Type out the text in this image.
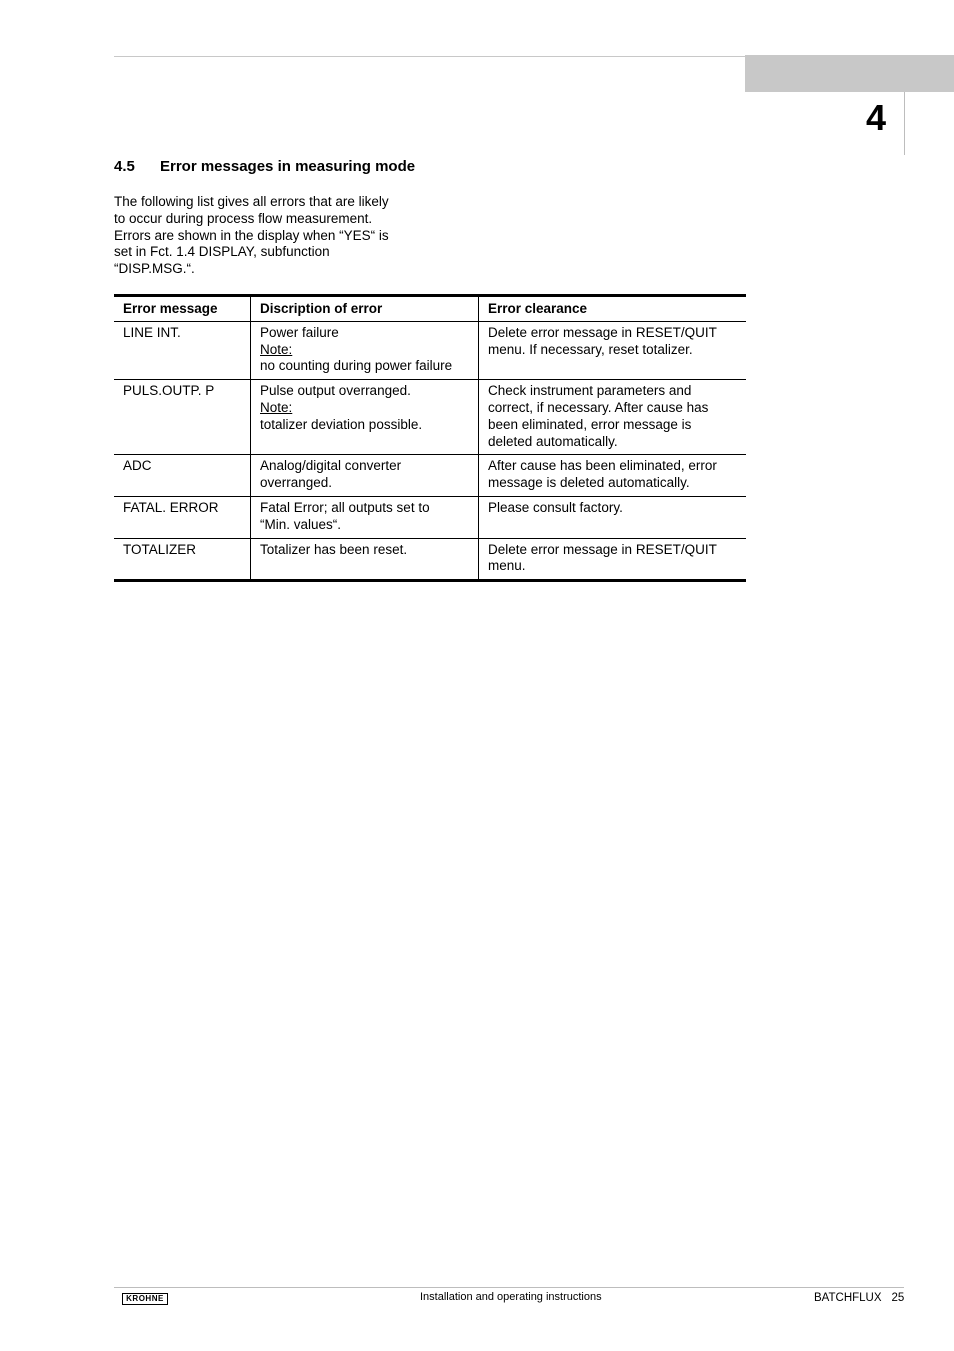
4
4.5 Error messages in measuring mode
The following list gives all errors that are likely
to occur during process flow measurement.
Errors are shown in the display when “YES“ is
set in Fct. 1.4 DISPLAY, subfunction
“DISP.MSG.“.
Error message	Discription of error	Error clearance
LINE INT.	Power failure
Note:
no counting during power failure	Delete error message in RESET/QUIT
menu. If necessary, reset totalizer.

PULS.OUTP. P	Pulse output overranged.
Note:
totalizer deviation possible.	Check instrument parameters and
correct, if necessary. After cause has
been eliminated, error message is
deleted automatically.

ADC	Analog/digital converter
overranged.	After cause has been eliminated, error
message is deleted automatically.

FATAL. ERROR	Fatal Error; all outputs set to
“Min. values“.	Please consult factory.

TOTALIZER	Totalizer has been reset.	Delete error message in RESET/QUIT
menu.
KROHNE	Installation and operating instructions	BATCHFLUX 25
